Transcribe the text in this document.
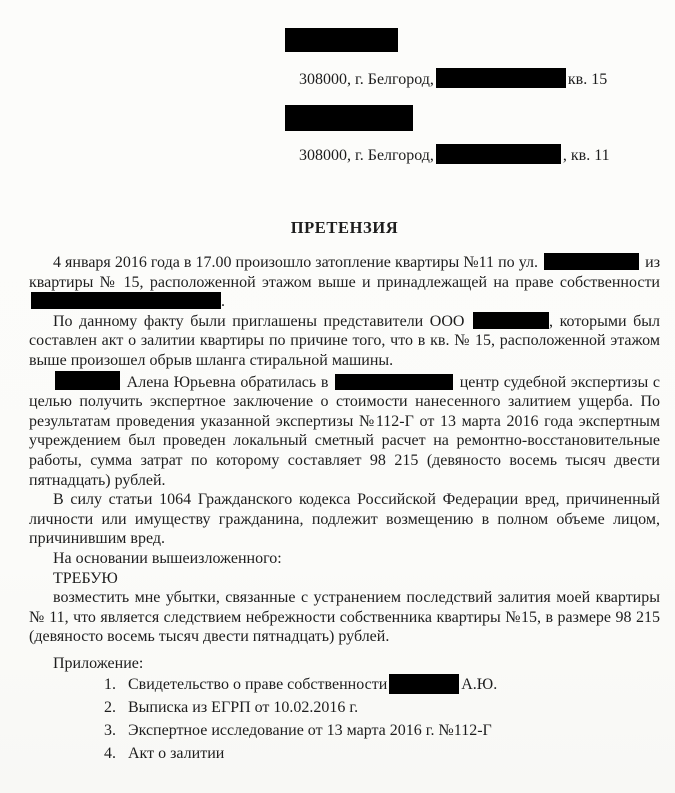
308000, г. Белгород,	кв. 15
308000, г. Белгород,	, кв. 11
ПРЕТЕНЗИЯ

4 января 2016 года в 17.00 произошло затопление квартиры №11 по ул.	из квартиры № 15, расположенной этажом выше и принадлежащей на праве собственности.

По данному факту были приглашены представители ООО	, которыми был составлен акт о залитии квартиры по причине того, что в кв. № 15, расположенной этажом выше произошел обрыв шланга стиральной машины.

Алена Юрьевна обратилась в	центр судебной экспертизы с целью получить экспертное заключение о стоимости нанесенного залитием ущерба. По результатам проведения указанной экспертизы №112-Г от 13 марта 2016 года экспертным учреждением был проведен локальный сметный расчет на ремонтно-восстановительные работы, сумма затрат по которому составляет 98 215 (девяносто восемь тысяч двести пятнадцать) рублей.

В силу статьи 1064 Гражданского кодекса Российской Федерации вред, причиненный личности или имуществу гражданина, подлежит возмещению в полном объеме лицом, причинившим вред.

На основании вышеизложенного:

ТРЕБУЮ

возместить мне убытки, связанные с устранением последствий залития моей квартиры № 11, что является следствием небрежности собственника квартиры №15, в размере 98 215 (девяносто восемь тысяч двести пятнадцать) рублей.

Приложение:
1. Свидетельство о праве собственности	А.Ю.
2. Выписка из ЕГРП от 10.02.2016 г.
3. Экспертное исследование от 13 марта 2016 г. №112-Г
4. Акт о залитии
